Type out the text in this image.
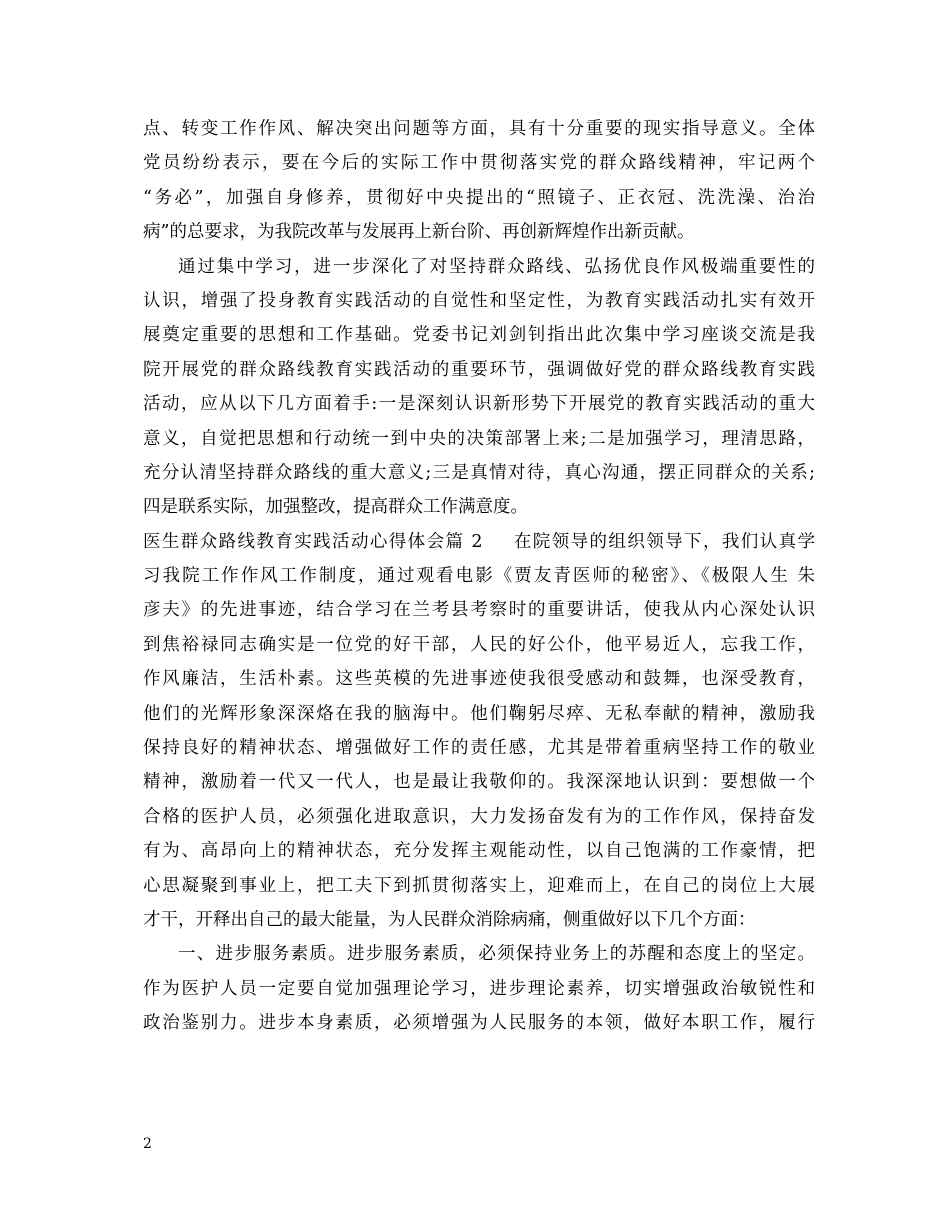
点、转变工作作风、解决突出问题等方面，具有十分重要的现实指导意义。全体
党员纷纷表示，要在今后的实际工作中贯彻落实党的群众路线精神，牢记两个
“务必”，加强自身修养，贯彻好中央提出的“照镜子、正衣冠、洗洗澡、治治
病”的总要求，为我院改革与发展再上新台阶、再创新辉煌作出新贡献。
通过集中学习，进一步深化了对坚持群众路线、弘扬优良作风极端重要性的
认识，增强了投身教育实践活动的自觉性和坚定性，为教育实践活动扎实有效开
展奠定重要的思想和工作基础。党委书记刘剑钊指出此次集中学习座谈交流是我
院开展党的群众路线教育实践活动的重要环节，强调做好党的群众路线教育实践
活动，应从以下几方面着手:一是深刻认识新形势下开展党的教育实践活动的重大
意义，自觉把思想和行动统一到中央的决策部署上来;二是加强学习，理清思路，
充分认清坚持群众路线的重大意义;三是真情对待，真心沟通，摆正同群众的关系;
四是联系实际，加强整改，提高群众工作满意度。
医生群众路线教育实践活动心得体会篇 2 在院领导的组织领导下，我们认真学
习我院工作作风工作制度，通过观看电影《贾友青医师的秘密》、《极限人生 朱
彦夫》的先进事迹，结合学习在兰考县考察时的重要讲话，使我从内心深处认识
到焦裕禄同志确实是一位党的好干部，人民的好公仆，他平易近人，忘我工作，
作风廉洁，生活朴素。这些英模的先进事迹使我很受感动和鼓舞，也深受教育，
他们的光辉形象深深烙在我的脑海中。他们鞠躬尽瘁、无私奉献的精神，激励我
保持良好的精神状态、增强做好工作的责任感，尤其是带着重病坚持工作的敬业
精神，激励着一代又一代人，也是最让我敬仰的。我深深地认识到：要想做一个
合格的医护人员，必须强化进取意识，大力发扬奋发有为的工作作风，保持奋发
有为、高昂向上的精神状态，充分发挥主观能动性，以自己饱满的工作豪情，把
心思凝聚到事业上，把工夫下到抓贯彻落实上，迎难而上，在自己的岗位上大展
才干，开释出自己的最大能量，为人民群众消除病痛，侧重做好以下几个方面：
一、进步服务素质。进步服务素质，必须保持业务上的苏醒和态度上的坚定。
作为医护人员一定要自觉加强理论学习，进步理论素养，切实增强政治敏锐性和
政治鉴别力。进步本身素质，必须增强为人民服务的本领，做好本职工作，履行
2
